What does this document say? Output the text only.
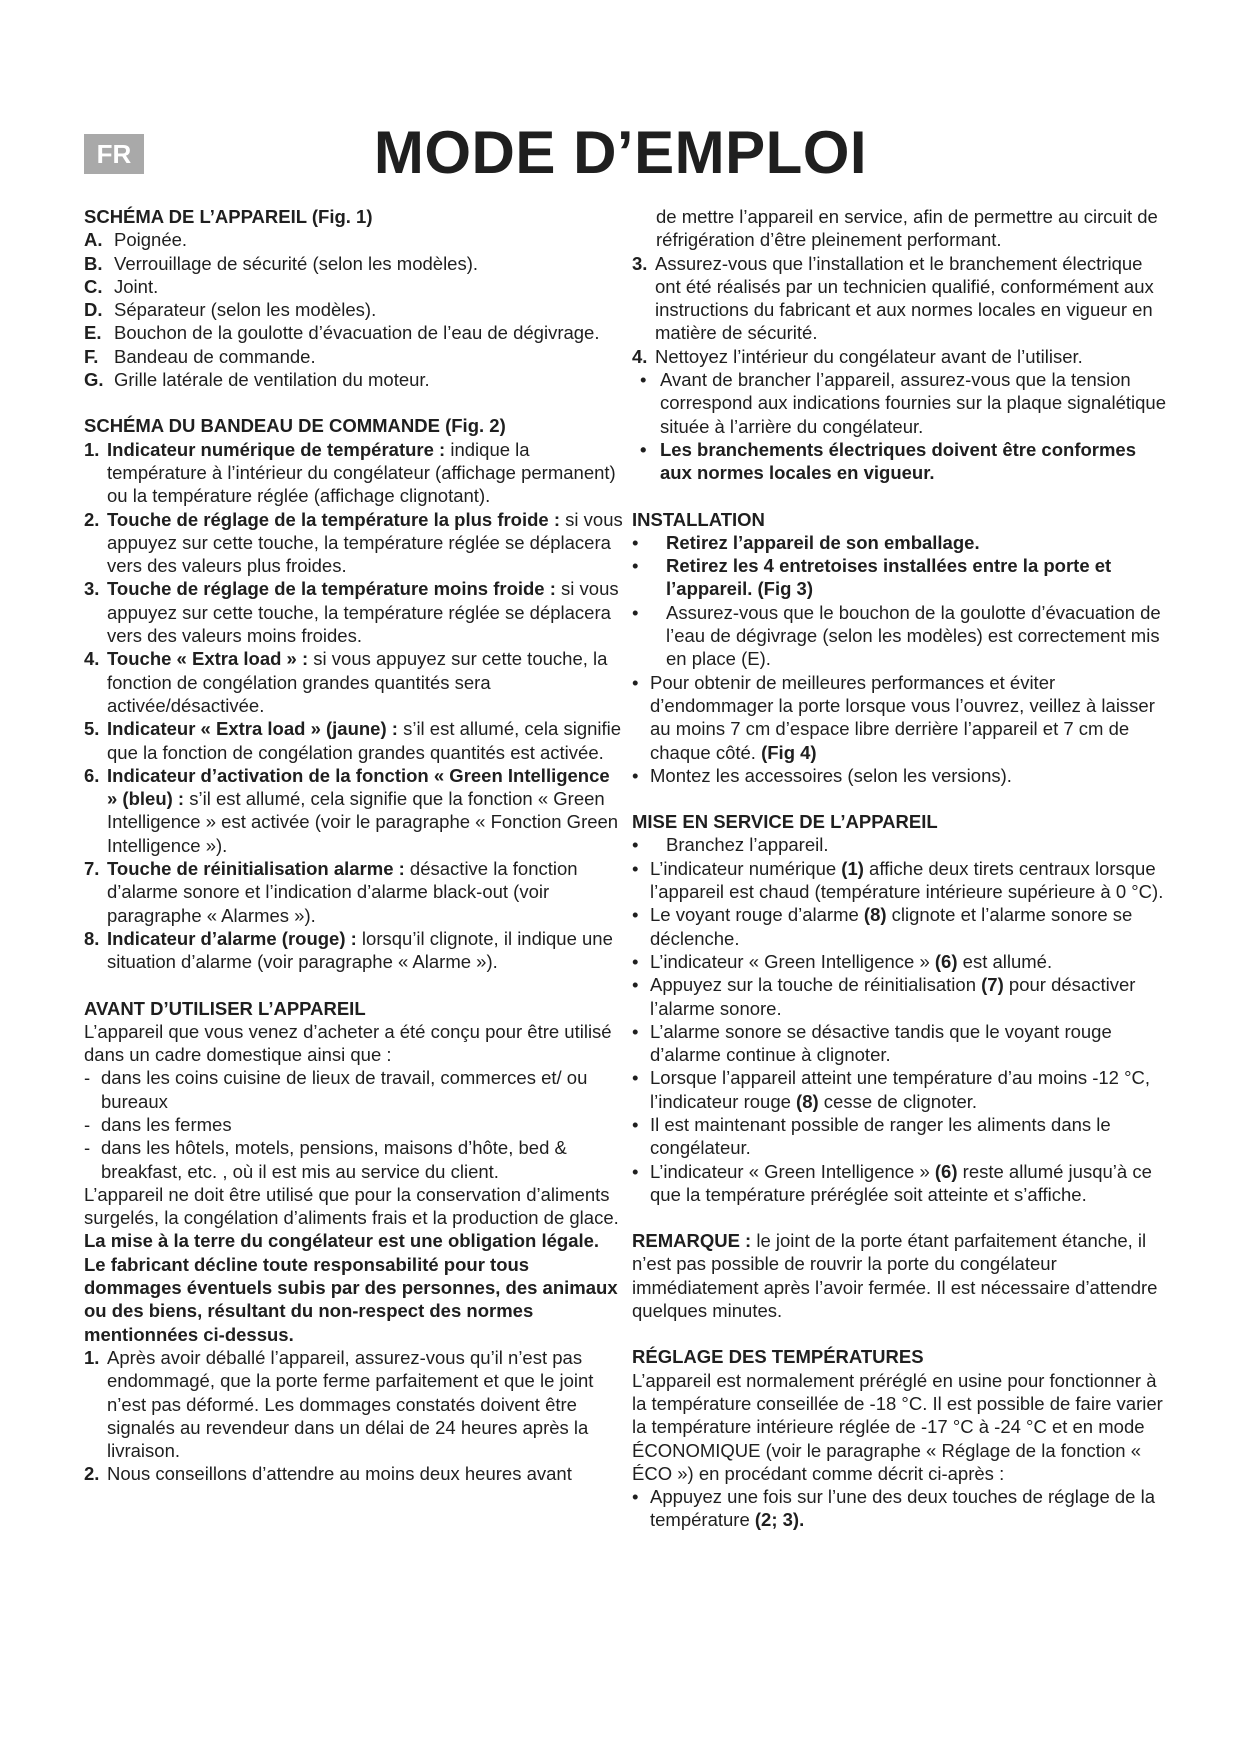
FR	MODE D’EMPLOI

SCHÉMA DE L’APPAREIL (Fig. 1)

A. Poignée.
B. Verrouillage de sécurité (selon les modèles).
C. Joint.
D. Séparateur (selon les modèles).
E. Bouchon de la goulotte d’évacuation de l’eau de dégivrage.
F. Bandeau de commande.
G. Grille latérale de ventilation du moteur.

SCHÉMA DU BANDEAU DE COMMANDE (Fig. 2)

1. Indicateur numérique de température : indique la température à l’intérieur du congélateur (affichage permanent) ou la température réglée (affichage clignotant).
2. Touche de réglage de la température la plus froide : si vous appuyez sur cette touche, la température réglée se déplacera vers des valeurs plus froides.
3. Touche de réglage de la température moins froide : si vous appuyez sur cette touche, la température réglée se déplacera vers des valeurs moins froides.
4. Touche « Extra load » : si vous appuyez sur cette touche, la fonction de congélation grandes quantités sera activée/désactivée.
5. Indicateur « Extra load » (jaune) : s’il est allumé, cela signifie que la fonction de congélation grandes quantités est activée.
6. Indicateur d’activation de la fonction « Green Intelligence » (bleu) : s’il est allumé, cela signifie que la fonction « Green Intelligence » est activée (voir le paragraphe « Fonction Green Intelligence »).
7. Touche de réinitialisation alarme : désactive la fonction d’alarme sonore et l’indication d’alarme black-out (voir paragraphe « Alarmes »).
8. Indicateur d’alarme (rouge) : lorsqu’il clignote, il indique une situation d’alarme (voir paragraphe « Alarme »).

AVANT D’UTILISER L’APPAREIL

L’appareil que vous venez d’acheter a été conçu pour être utilisé dans un cadre domestique ainsi que :

- dans les coins cuisine de lieux de travail, commerces et/ ou bureaux
- dans les fermes
- dans les hôtels, motels, pensions, maisons d’hôte, bed & breakfast, etc. , où il est mis au service du client.

L’appareil ne doit être utilisé que pour la conservation d’aliments surgelés, la congélation d’aliments frais et la production de glace.

La mise à la terre du congélateur est une obligation légale. Le fabricant décline toute responsabilité pour tous dommages éventuels subis par des personnes, des animaux ou des biens, résultant du non-respect des normes mentionnées ci-dessus.

1. Après avoir déballé l’appareil, assurez-vous qu’il n’est pas endommagé, que la porte ferme parfaitement et que le joint n’est pas déformé. Les dommages constatés doivent être signalés au revendeur dans un délai de 24 heures après la livraison.
2. Nous conseillons d’attendre au moins deux heures avant

de mettre l’appareil en service, afin de permettre au circuit de réfrigération d’être pleinement performant.

3. Assurez-vous que l’installation et le branchement électrique ont été réalisés par un technicien qualifié, conformément aux instructions du fabricant et aux normes locales en vigueur en matière de sécurité.
4. Nettoyez l’intérieur du congélateur avant de l’utiliser.
• Avant de brancher l’appareil, assurez-vous que la tension correspond aux indications fournies sur la plaque signalétique située à l’arrière du congélateur.
• Les branchements électriques doivent être conformes aux normes locales en vigueur.

INSTALLATION

•	Retirez l’appareil de son emballage.
•	Retirez les 4 entretoises installées entre la porte et l’appareil. (Fig 3)
•	Assurez-vous que le bouchon de la goulotte d’évacuation de l’eau de dégivrage (selon les modèles) est correctement mis en place (E).
• Pour obtenir de meilleures performances et éviter d’endommager la porte lorsque vous l’ouvrez, veillez à laisser au moins 7 cm d’espace libre derrière l’appareil et 7 cm de chaque côté. (Fig 4)
• Montez les accessoires (selon les versions).

MISE EN SERVICE DE L’APPAREIL

•	Branchez l’appareil.
• L’indicateur numérique (1) affiche deux tirets centraux lorsque l’appareil est chaud (température intérieure supérieure à 0 °C).
• Le voyant rouge d’alarme (8) clignote et l’alarme sonore se déclenche.
• L’indicateur « Green Intelligence » (6) est allumé.
• Appuyez sur la touche de réinitialisation (7) pour désactiver l’alarme sonore.
• L’alarme sonore se désactive tandis que le voyant rouge d’alarme continue à clignoter.
• Lorsque l’appareil atteint une température d’au moins -12 °C, l’indicateur rouge (8) cesse de clignoter.
• Il est maintenant possible de ranger les aliments dans le congélateur.
• L’indicateur « Green Intelligence » (6) reste allumé jusqu’à ce que la température préréglée soit atteinte et s’affiche.

REMARQUE : le joint de la porte étant parfaitement étanche, il n’est pas possible de rouvrir la porte du congélateur immédiatement après l’avoir fermée. Il est nécessaire d’attendre quelques minutes.

RÉGLAGE DES TEMPÉRATURES

L’appareil est normalement préréglé en usine pour fonctionner à la température conseillée de -18 °C. Il est possible de faire varier la température intérieure réglée de -17 °C à -24 °C et en mode ÉCONOMIQUE (voir le paragraphe « Réglage de la fonction « ÉCO ») en procédant comme décrit ci-après :

• Appuyez une fois sur l’une des deux touches de réglage de la température (2; 3).
